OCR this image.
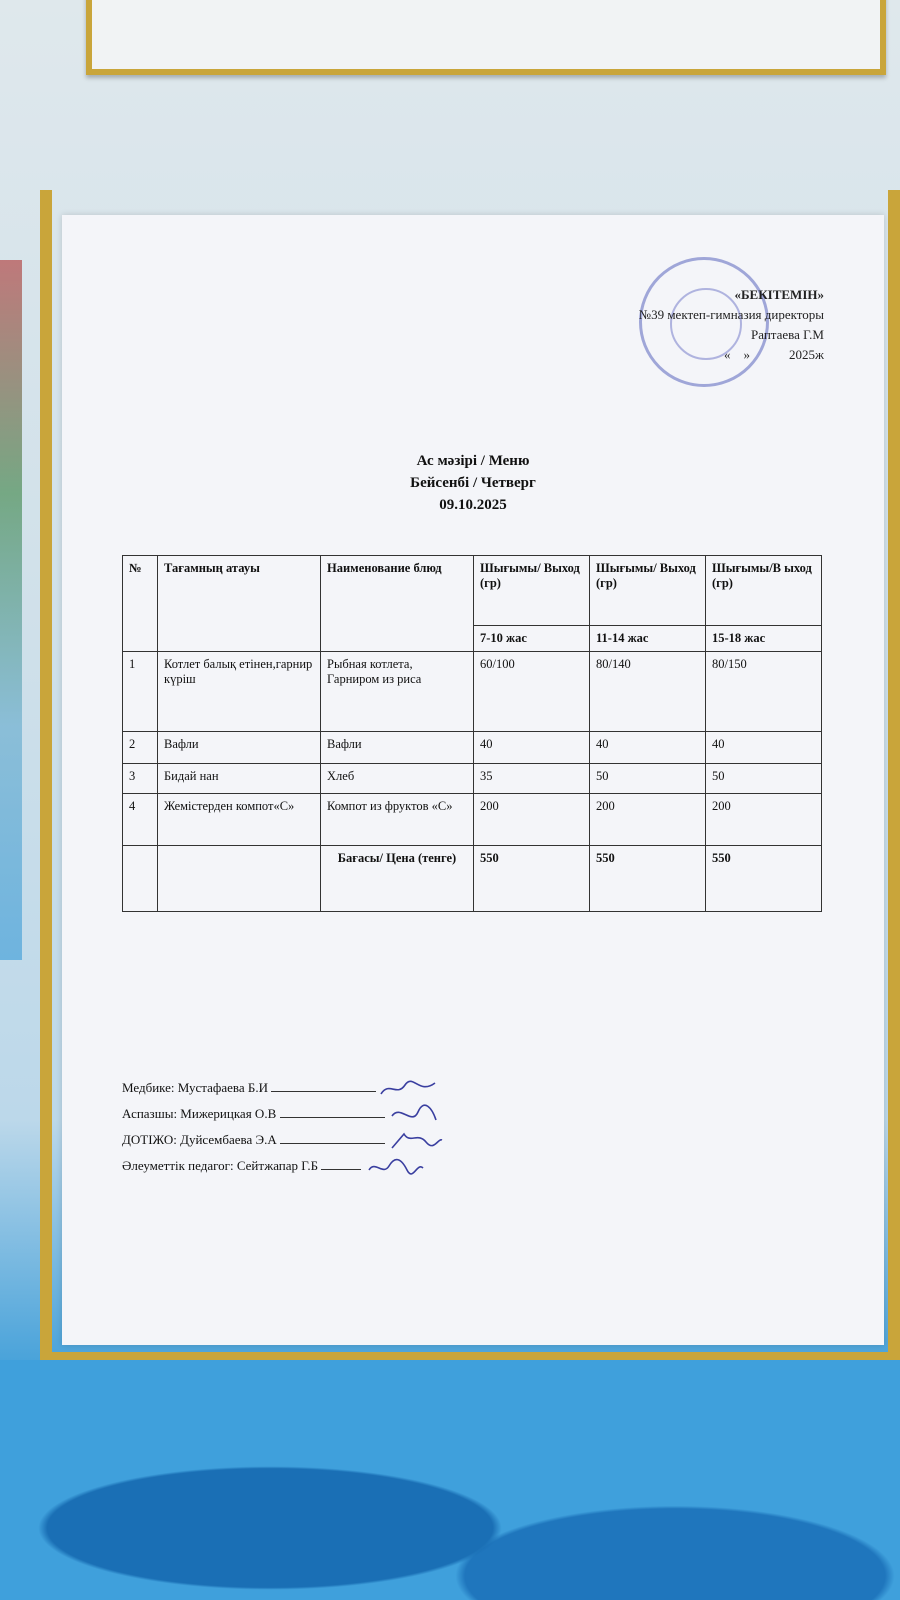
«БЕКІТЕМІН»
№39 мектеп-гимназия директоры
Раптаева Г.М
«    »            2025ж
Ас мәзірі / Меню
Бейсенбі / Четверг
09.10.2025
№	Тағамның атауы	Наименование блюд	Шығымы/ Выход (гр)	Шығымы/ Выход (гр)	Шығымы/В ыход (гр)
			7-10 жас	11-14 жас	15-18 жас
1	Котлет балық етінен,гарнир күріш	Рыбная котлета, Гарниром из риса	60/100	80/140	80/150
2	Вафли	Вафли	40	40	40
3	Бидай нан	Хлеб	35	50	50
4	Жемістерден компот«С»	Компот из фруктов «С»	200	200	200
		Бағасы/ Цена (тенге)	550	550	550
Медбике: Мустафаева Б.И
Аспазшы: Мижерицкая О.В
ДОТІЖО: Дуйсембаева Э.А
Әлеуметтік педагог: Сейтжапар Г.Б
